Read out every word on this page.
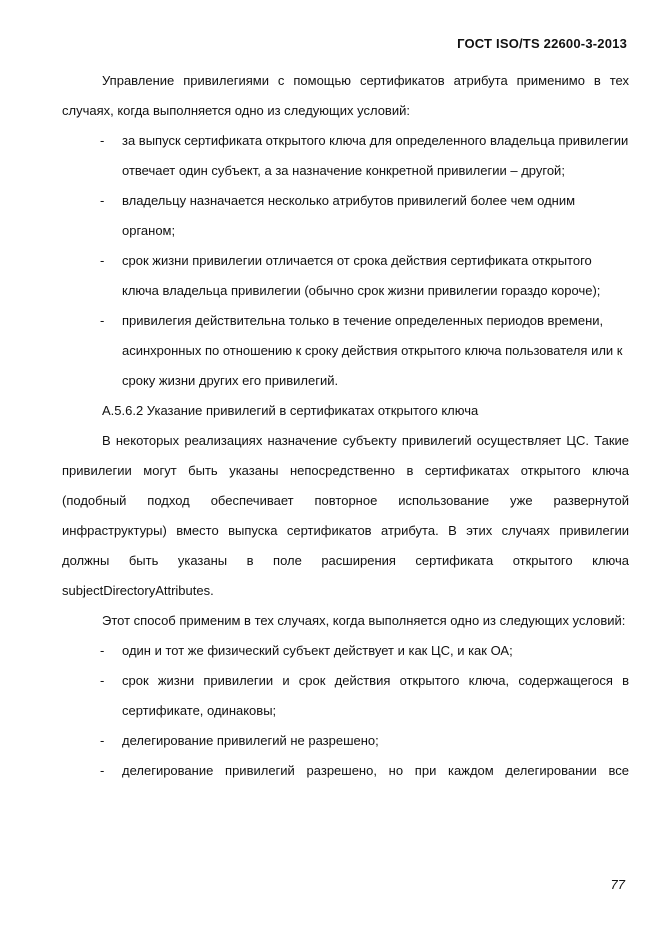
ГОСТ ISO/TS 22600-3-2013

Управление привилегиями с помощью сертификатов атрибута применимо в тех случаях, когда выполняется одно из следующих условий:

- за выпуск сертификата открытого ключа для определенного владельца привилегии отвечает один субъект, а за назначение конкретной привилегии – другой;
- владельцу назначается несколько атрибутов привилегий более чем одним органом;
- срок жизни привилегии отличается от срока действия сертификата открытого ключа владельца привилегии (обычно срок жизни привилегии гораздо короче);
- привилегия действительна только в течение определенных периодов времени, асинхронных по отношению к сроку действия открытого ключа пользователя или к сроку жизни других его привилегий.

А.5.6.2 Указание привилегий в сертификатах открытого ключа

В некоторых реализациях назначение субъекту привилегий осуществляет ЦС. Такие привилегии могут быть указаны непосредственно в сертификатах открытого ключа (подобный подход обеспечивает повторное использование уже развернутой инфраструктуры) вместо выпуска сертификатов атрибута. В этих случаях привилегии должны быть указаны в поле расширения сертификата открытого ключа subjectDirectoryAttributes.

Этот способ применим в тех случаях, когда выполняется одно из следующих условий:

- один и тот же физический субъект действует и как ЦС, и как ОА;
- срок жизни привилегии и срок действия открытого ключа, содержащегося в сертификате, одинаковы;
- делегирование привилегий не разрешено;
- делегирование привилегий разрешено, но при каждом делегировании все
77
